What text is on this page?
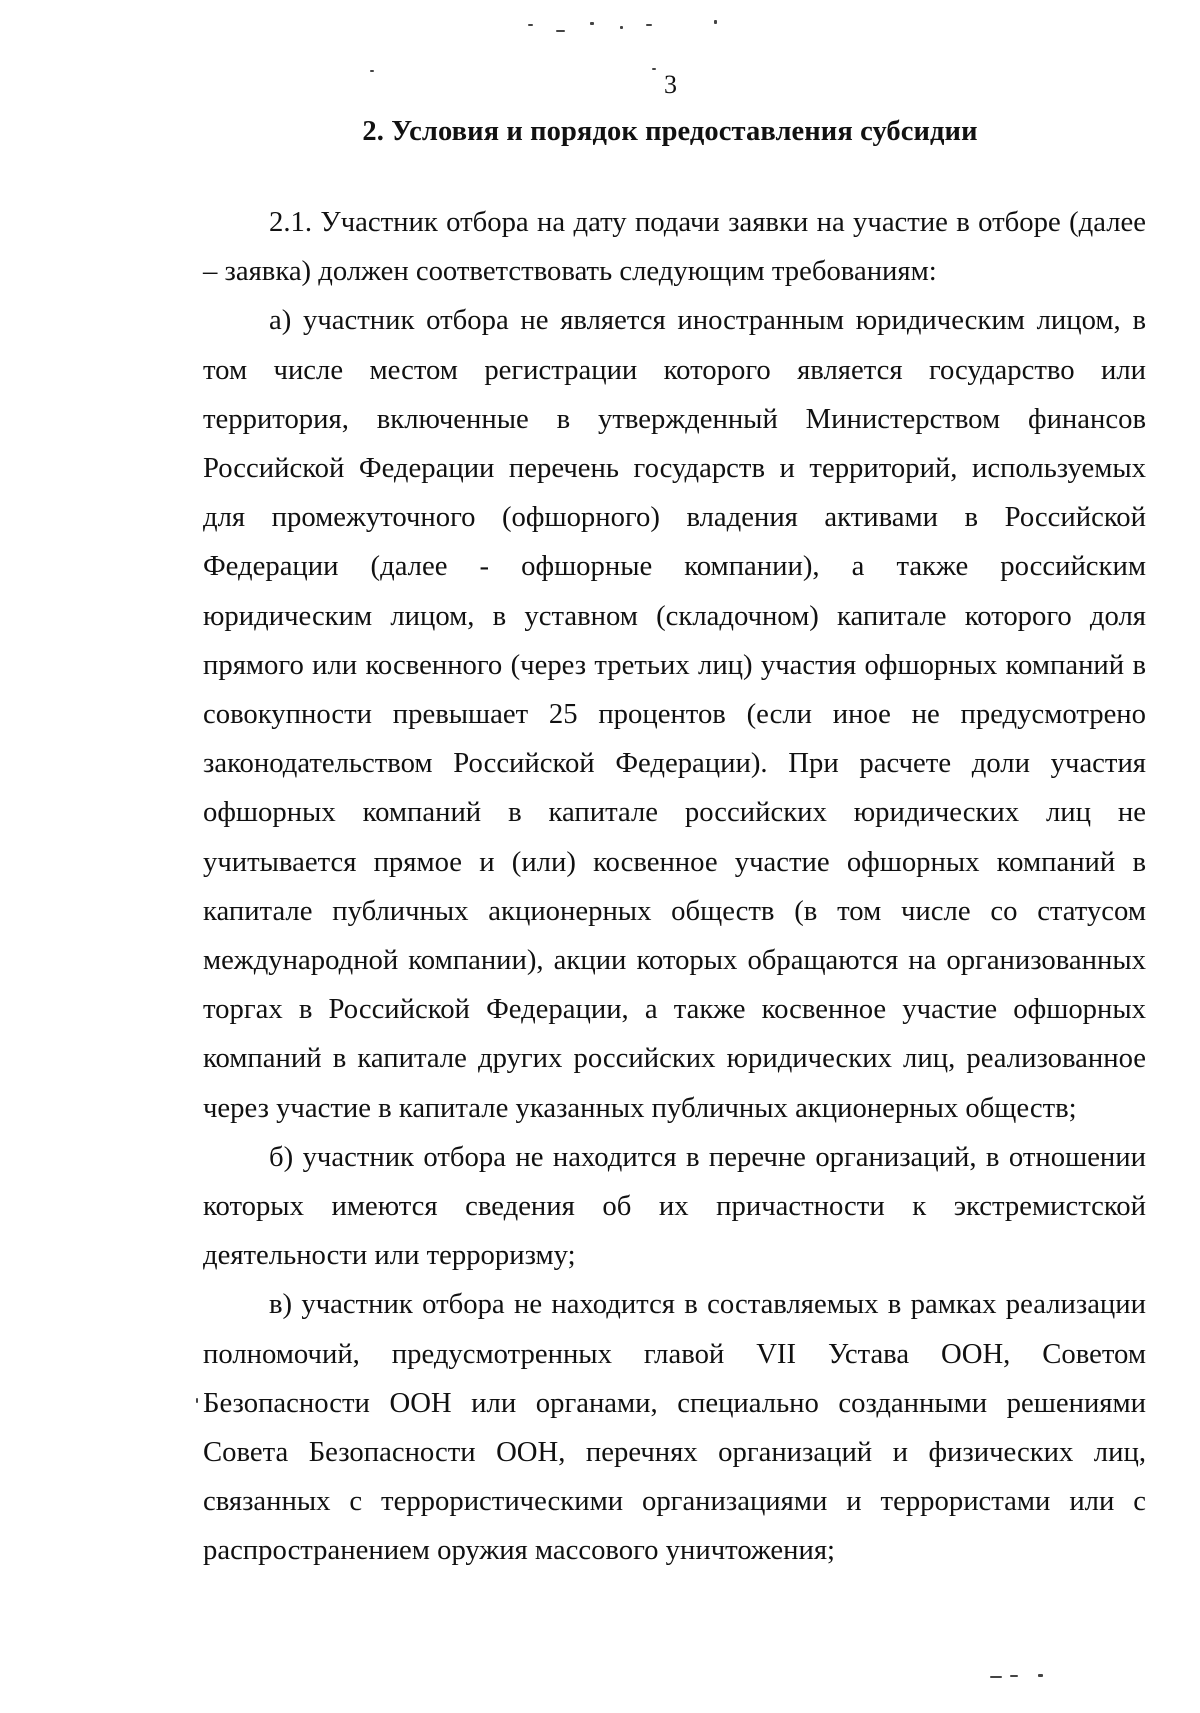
3
2. Условия и порядок предоставления субсидии

2.1. Участник отбора на дату подачи заявки на участие в отборе (далее – заявка) должен соответствовать следующим требованиям:

а) участник отбора не является иностранным юридическим лицом, в том числе местом регистрации которого является государство или территория, включенные в утвержденный Министерством финансов Российской Федерации перечень государств и территорий, используемых для промежуточного (офшорного) владения активами в Российской Федерации (далее - офшорные компании), а также российским юридическим лицом, в уставном (складочном) капитале которого доля прямого или косвенного (через третьих лиц) участия офшорных компаний в совокупности превышает 25 процентов (если иное не предусмотрено законодательством Российской Федерации). При расчете доли участия офшорных компаний в капитале российских юридических лиц не учитывается прямое и (или) косвенное участие офшорных компаний в капитале публичных акционерных обществ (в том числе со статусом международной компании), акции которых обращаются на организованных торгах в Российской Федерации, а также косвенное участие офшорных компаний в капитале других российских юридических лиц, реализованное через участие в капитале указанных публичных акционерных обществ;

б) участник отбора не находится в перечне организаций, в отношении которых имеются сведения об их причастности к экстремистской деятельности или терроризму;

в) участник отбора не находится в составляемых в рамках реализации полномочий, предусмотренных главой VII Устава ООН, Советом Безопасности ООН или органами, специально созданными решениями Совета Безопасности ООН, перечнях организаций и физических лиц, связанных с террористическими организациями и террористами или с распространением оружия массового уничтожения;
